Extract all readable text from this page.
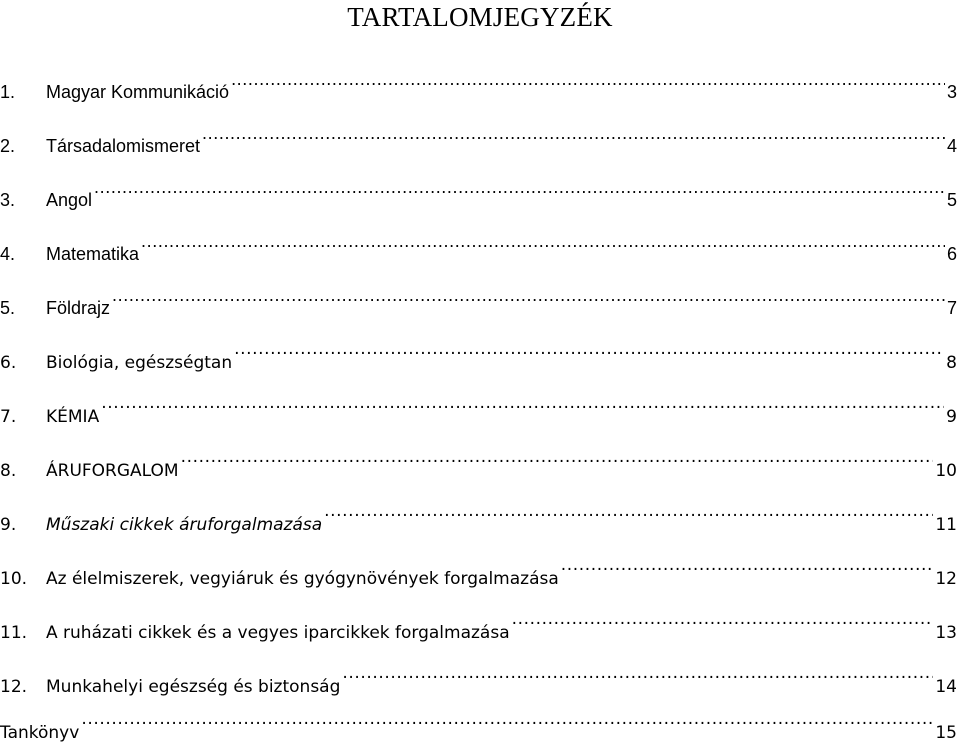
TARTALOMJEGYZÉK
1.	Magyar Kommunikáció .....	3
2.	Társadalomismeret .....	4
3.	Angol .....	5
4.	Matematika .....	6
5.	Földrajz .....	7
6.	Biológia, egészségtan .....	8
7.	KÉMIA .....	9
8.	ÁRUFORGALOM .....	10
9.	Műszaki cikkek áruforgalmazása .....	11
10.	Az élelmiszerek, vegyiáruk és gyógynövények forgalmazása .....	12
11.	A ruházati cikkek és a vegyes iparcikkek forgalmazása .....	13
12.	Munkahelyi egészség és biztonság .....	14
Tankönyv .....	15
